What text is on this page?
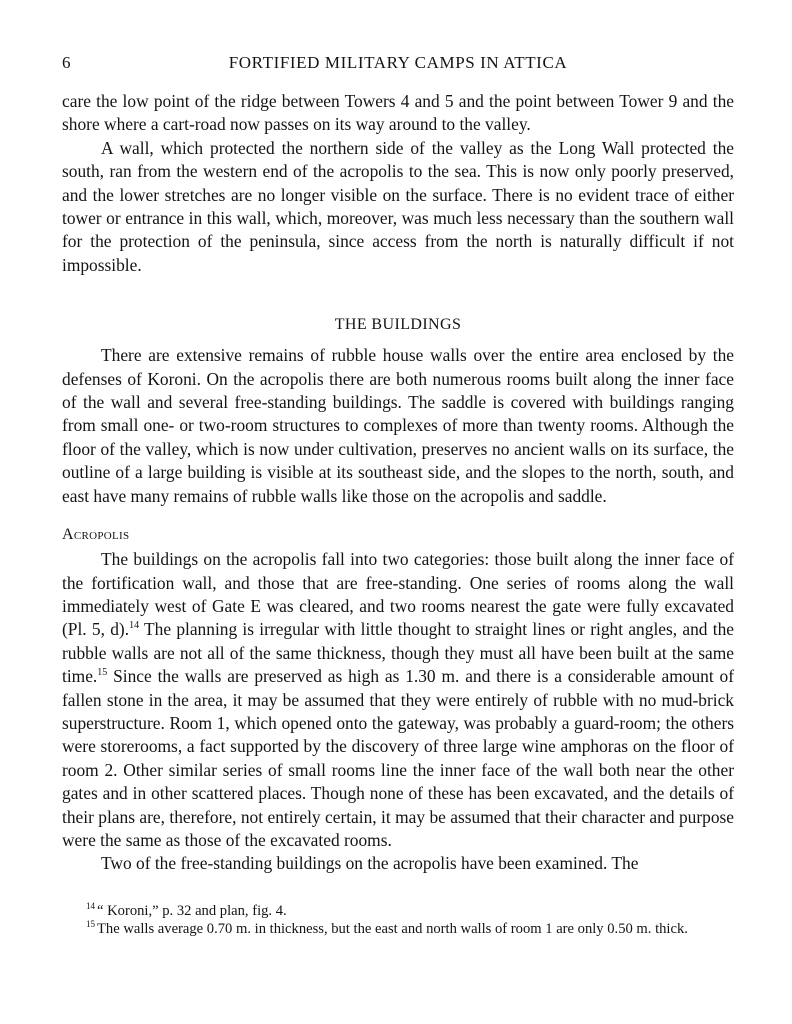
6	FORTIFIED MILITARY CAMPS IN ATTICA

care the low point of the ridge between Towers 4 and 5 and the point between Tower 9 and the shore where a cart-road now passes on its way around to the valley.

A wall, which protected the northern side of the valley as the Long Wall protected the south, ran from the western end of the acropolis to the sea. This is now only poorly preserved, and the lower stretches are no longer visible on the surface. There is no evident trace of either tower or entrance in this wall, which, moreover, was much less necessary than the southern wall for the protection of the peninsula, since access from the north is naturally difficult if not impossible.

THE BUILDINGS

There are extensive remains of rubble house walls over the entire area enclosed by the defenses of Koroni. On the acropolis there are both numerous rooms built along the inner face of the wall and several free-standing buildings. The saddle is covered with buildings ranging from small one- or two-room structures to complexes of more than twenty rooms. Although the floor of the valley, which is now under cultivation, preserves no ancient walls on its surface, the outline of a large building is visible at its southeast side, and the slopes to the north, south, and east have many remains of rubble walls like those on the acropolis and saddle.

Acropolis

The buildings on the acropolis fall into two categories: those built along the inner face of the fortification wall, and those that are free-standing. One series of rooms along the wall immediately west of Gate E was cleared, and two rooms nearest the gate were fully excavated (Pl. 5, d).$^{14}$ The planning is irregular with little thought to straight lines or right angles, and the rubble walls are not all of the same thickness, though they must all have been built at the same time.$^{15}$ Since the walls are preserved as high as 1.30 m. and there is a considerable amount of fallen stone in the area, it may be assumed that they were entirely of rubble with no mud-brick superstructure. Room 1, which opened onto the gateway, was probably a guard-room; the others were storerooms, a fact supported by the discovery of three large wine amphoras on the floor of room 2. Other similar series of small rooms line the inner face of the wall both near the other gates and in other scattered places. Though none of these has been excavated, and the details of their plans are, therefore, not entirely certain, it may be assumed that their character and purpose were the same as those of the excavated rooms.

Two of the free-standing buildings on the acropolis have been examined. The

$^{14}$ “ Koroni,” p. 32 and plan, fig. 4.
$^{15}$ The walls average 0.70 m. in thickness, but the east and north walls of room 1 are only 0.50 m. thick.
